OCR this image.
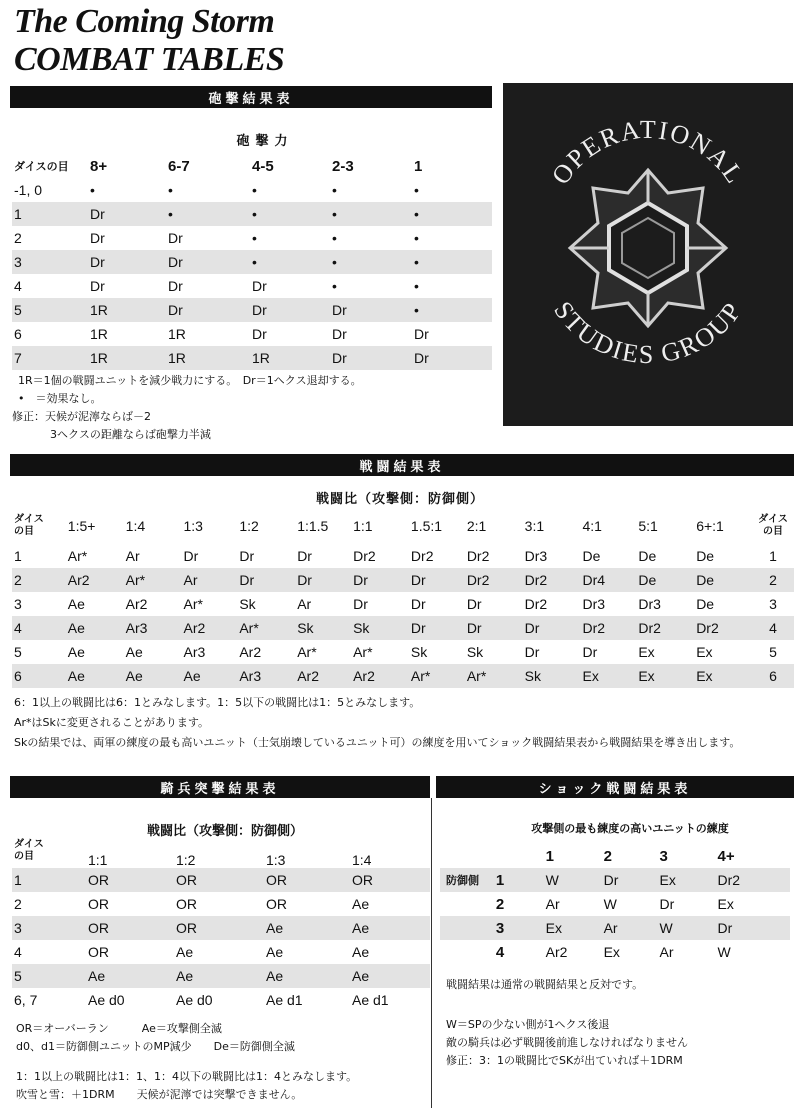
The Coming Storm
COMBAT TABLES
砲撃結果表
砲撃力
ダイスの目	8+	6-7	4-5	2-3	1
-1, 0	•	•	•	•	•
1	Dr	•	•	•	•
2	Dr	Dr	•	•	•
3	Dr	Dr	•	•	•
4	Dr	Dr	Dr	•	•
5	1R	Dr	Dr	Dr	•
6	1R	1R	Dr	Dr	Dr
7	1R	1R	1R	Dr	Dr
1R＝1個の戦闘ユニットを減少戦力にする。　Dr＝1ヘクス退却する。
•　＝効果なし。
修正：天候が泥濘ならば－2
3ヘクスの距離ならば砲撃力半減
OPERATIONAL
STUDIES GROUP
戦闘結果表
戦闘比（攻撃側：防御側）
ダイス
の目	1:5+	1:4	1:3	1:2	1:1.5	1:1	1.5:1	2:1	3:1	4:1	5:1	6+:1	ダイス
の目
1	Ar*	Ar	Dr	Dr	Dr	Dr2	Dr2	Dr2	Dr3	De	De	De	1
2	Ar2	Ar*	Ar	Dr	Dr	Dr	Dr	Dr2	Dr2	Dr4	De	De	2
3	Ae	Ar2	Ar*	Sk	Ar	Dr	Dr	Dr	Dr2	Dr3	Dr3	De	3
4	Ae	Ar3	Ar2	Ar*	Sk	Sk	Dr	Dr	Dr	Dr2	Dr2	Dr2	4
5	Ae	Ae	Ar3	Ar2	Ar*	Ar*	Sk	Sk	Dr	Dr	Ex	Ex	5
6	Ae	Ae	Ae	Ar3	Ar2	Ar2	Ar*	Ar*	Sk	Ex	Ex	Ex	6
6：1以上の戦闘比は6：1とみなします。1：5以下の戦闘比は1：5とみなします。
Ar*はSkに変更されることがあります。
Skの結果では、両軍の練度の最も高いユニット（士気崩壊しているユニット可）の練度を用いてショック戦闘結果表から戦闘結果を導き出します。
騎兵突撃結果表
戦闘比（攻撃側：防御側）
ダイス
の目	1:1	1:2	1:3	1:4
1	OR	OR	OR	OR
2	OR	OR	OR	Ae
3	OR	OR	Ae	Ae
4	OR	Ae	Ae	Ae
5	Ae	Ae	Ae	Ae
6, 7	Ae d0	Ae d0	Ae d1	Ae d1
OR＝オーバーラン　　　Ae＝攻撃側全滅
d0、d1＝防御側ユニットのMP減少　　De＝防御側全滅
1：1以上の戦闘比は1：1、1：4以下の戦闘比は1：4とみなします。
吹雪と雪：＋1DRM　　天候が泥濘では突撃できません。
ショック戦闘結果表
攻撃側の最も練度の高いユニットの練度
		1	2	3	4+
防御側	1	W	Dr	Ex	Dr2
	2	Ar	W	Dr	Ex
	3	Ex	Ar	W	Dr
	4	Ar2	Ex	Ar	W
戦闘結果は通常の戦闘結果と反対です。
W＝SPの少ない側が1ヘクス後退
敵の騎兵は必ず戦闘後前進しなければなりません
修正：3：1の戦闘比でSKが出ていれば＋1DRM
